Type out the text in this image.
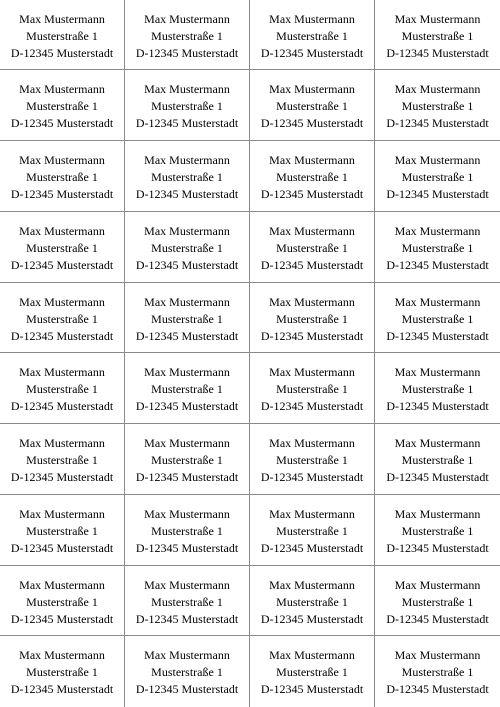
Max Mustermann
Musterstraße 1
D-12345 Musterstadt
Max Mustermann
Musterstraße 1
D-12345 Musterstadt
Max Mustermann
Musterstraße 1
D-12345 Musterstadt
Max Mustermann
Musterstraße 1
D-12345 Musterstadt
Max Mustermann
Musterstraße 1
D-12345 Musterstadt
Max Mustermann
Musterstraße 1
D-12345 Musterstadt
Max Mustermann
Musterstraße 1
D-12345 Musterstadt
Max Mustermann
Musterstraße 1
D-12345 Musterstadt
Max Mustermann
Musterstraße 1
D-12345 Musterstadt
Max Mustermann
Musterstraße 1
D-12345 Musterstadt
Max Mustermann
Musterstraße 1
D-12345 Musterstadt
Max Mustermann
Musterstraße 1
D-12345 Musterstadt
Max Mustermann
Musterstraße 1
D-12345 Musterstadt
Max Mustermann
Musterstraße 1
D-12345 Musterstadt
Max Mustermann
Musterstraße 1
D-12345 Musterstadt
Max Mustermann
Musterstraße 1
D-12345 Musterstadt
Max Mustermann
Musterstraße 1
D-12345 Musterstadt
Max Mustermann
Musterstraße 1
D-12345 Musterstadt
Max Mustermann
Musterstraße 1
D-12345 Musterstadt
Max Mustermann
Musterstraße 1
D-12345 Musterstadt
Max Mustermann
Musterstraße 1
D-12345 Musterstadt
Max Mustermann
Musterstraße 1
D-12345 Musterstadt
Max Mustermann
Musterstraße 1
D-12345 Musterstadt
Max Mustermann
Musterstraße 1
D-12345 Musterstadt
Max Mustermann
Musterstraße 1
D-12345 Musterstadt
Max Mustermann
Musterstraße 1
D-12345 Musterstadt
Max Mustermann
Musterstraße 1
D-12345 Musterstadt
Max Mustermann
Musterstraße 1
D-12345 Musterstadt
Max Mustermann
Musterstraße 1
D-12345 Musterstadt
Max Mustermann
Musterstraße 1
D-12345 Musterstadt
Max Mustermann
Musterstraße 1
D-12345 Musterstadt
Max Mustermann
Musterstraße 1
D-12345 Musterstadt
Max Mustermann
Musterstraße 1
D-12345 Musterstadt
Max Mustermann
Musterstraße 1
D-12345 Musterstadt
Max Mustermann
Musterstraße 1
D-12345 Musterstadt
Max Mustermann
Musterstraße 1
D-12345 Musterstadt
Max Mustermann
Musterstraße 1
D-12345 Musterstadt
Max Mustermann
Musterstraße 1
D-12345 Musterstadt
Max Mustermann
Musterstraße 1
D-12345 Musterstadt
Max Mustermann
Musterstraße 1
D-12345 Musterstadt
